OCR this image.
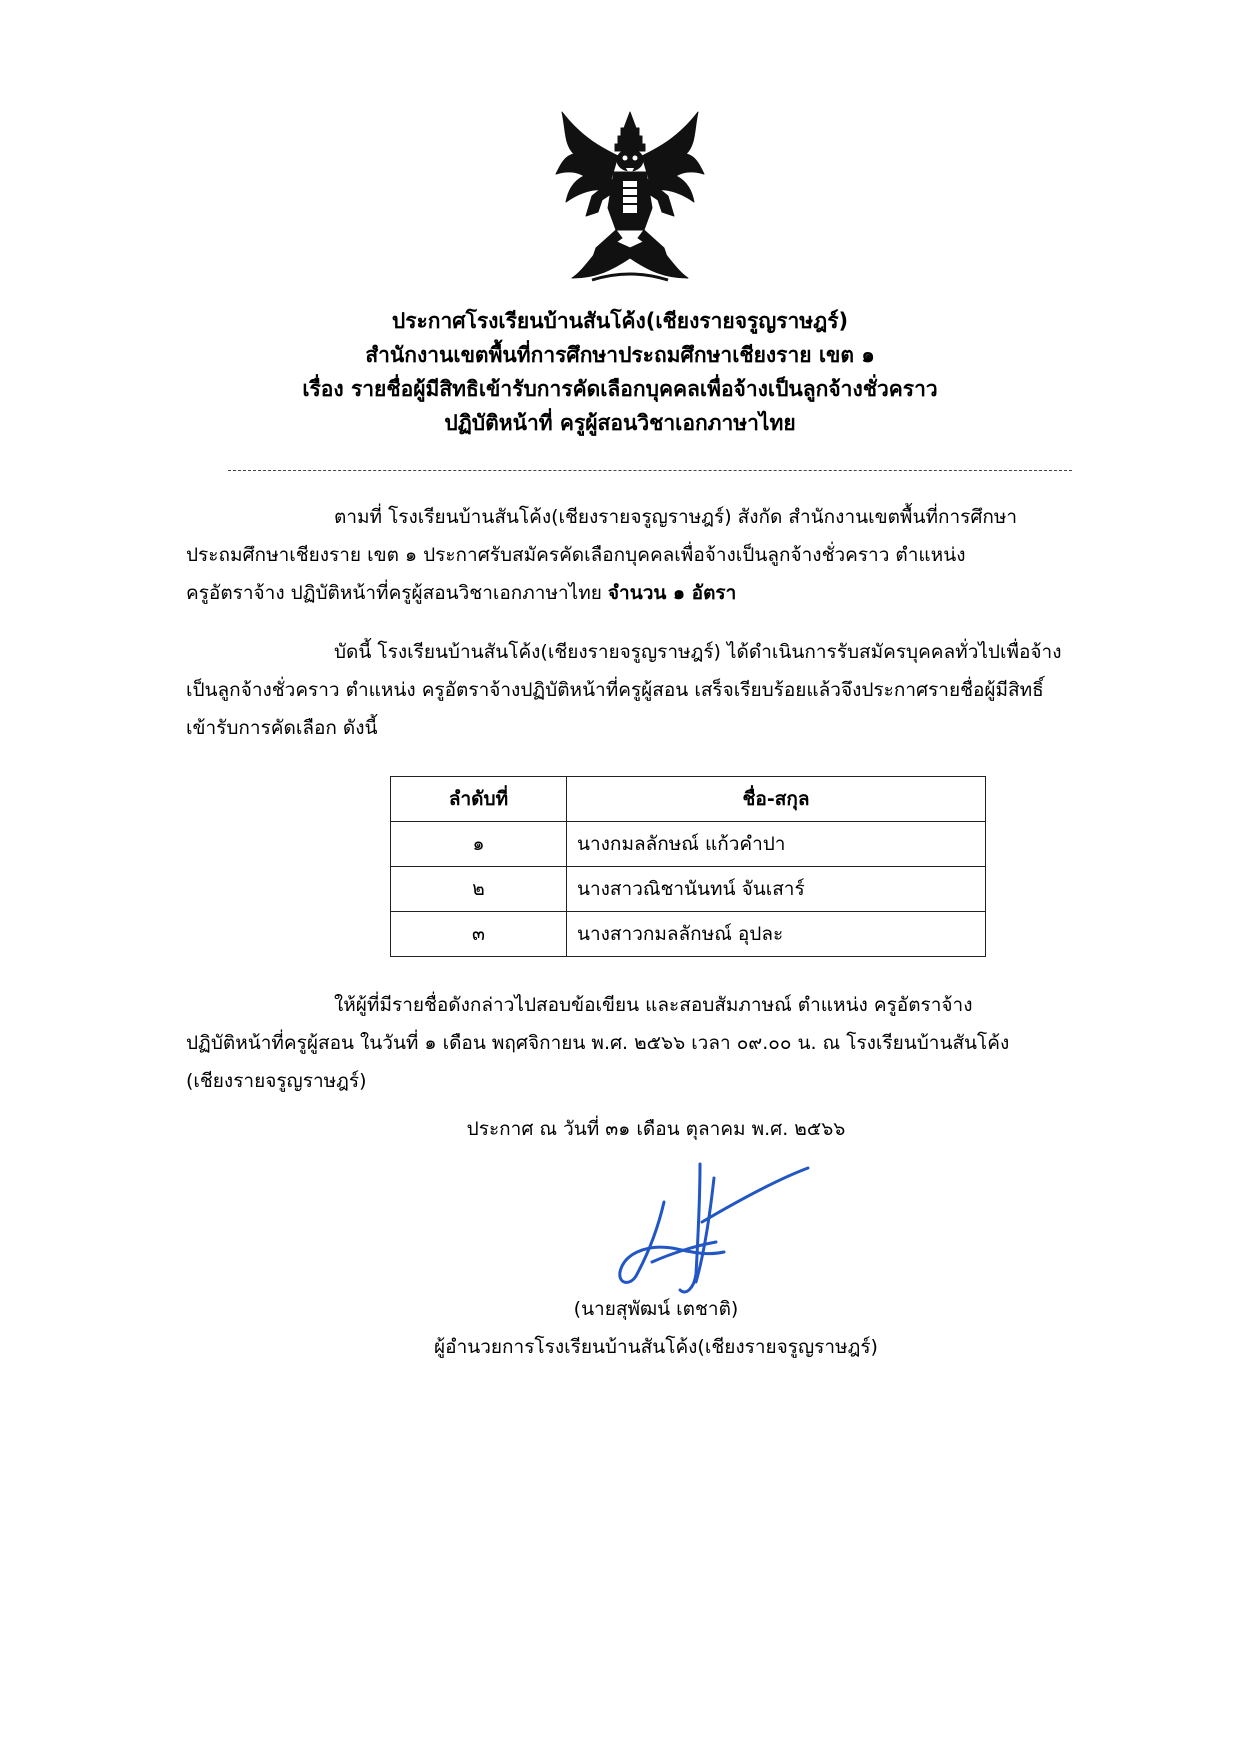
ประกาศโรงเรียนบ้านสันโค้ง(เชียงรายจรูญราษฎร์)
สำนักงานเขตพื้นที่การศึกษาประถมศึกษาเชียงราย เขต ๑
เรื่อง รายชื่อผู้มีสิทธิเข้ารับการคัดเลือกบุคคลเพื่อจ้างเป็นลูกจ้างชั่วคราว
ปฏิบัติหน้าที่ ครูผู้สอนวิชาเอกภาษาไทย
ตามที่ โรงเรียนบ้านสันโค้ง(เชียงรายจรูญราษฎร์) สังกัด สำนักงานเขตพื้นที่การศึกษา
ประถมศึกษาเชียงราย เขต ๑ ประกาศรับสมัครคัดเลือกบุคคลเพื่อจ้างเป็นลูกจ้างชั่วคราว ตำแหน่ง
ครูอัตราจ้าง ปฏิบัติหน้าที่ครูผู้สอนวิชาเอกภาษาไทย จำนวน ๑ อัตรา
บัดนี้ โรงเรียนบ้านสันโค้ง(เชียงรายจรูญราษฎร์) ได้ดำเนินการรับสมัครบุคคลทั่วไปเพื่อจ้าง
เป็นลูกจ้างชั่วคราว ตำแหน่ง ครูอัตราจ้างปฏิบัติหน้าที่ครูผู้สอน เสร็จเรียบร้อยแล้วจึงประกาศรายชื่อผู้มีสิทธิ์
เข้ารับการคัดเลือก ดังนี้
ลำดับที่	ชื่อ-สกุล
๑	นางกมลลักษณ์ แก้วคำปา
๒	นางสาวณิชานันทน์ จันเสาร์
๓	นางสาวกมลลักษณ์ อุปละ
ให้ผู้ที่มีรายชื่อดังกล่าวไปสอบข้อเขียน และสอบสัมภาษณ์ ตำแหน่ง ครูอัตราจ้าง
ปฏิบัติหน้าที่ครูผู้สอน ในวันที่ ๑ เดือน พฤศจิกายน พ.ศ. ๒๕๖๖ เวลา ๐๙.๐๐ น. ณ โรงเรียนบ้านสันโค้ง
(เชียงรายจรูญราษฎร์)
ประกาศ ณ วันที่ ๓๑ เดือน ตุลาคม พ.ศ. ๒๕๖๖
(นายสุพัฒน์ เตชาติ)
ผู้อำนวยการโรงเรียนบ้านสันโค้ง(เชียงรายจรูญราษฎร์)
